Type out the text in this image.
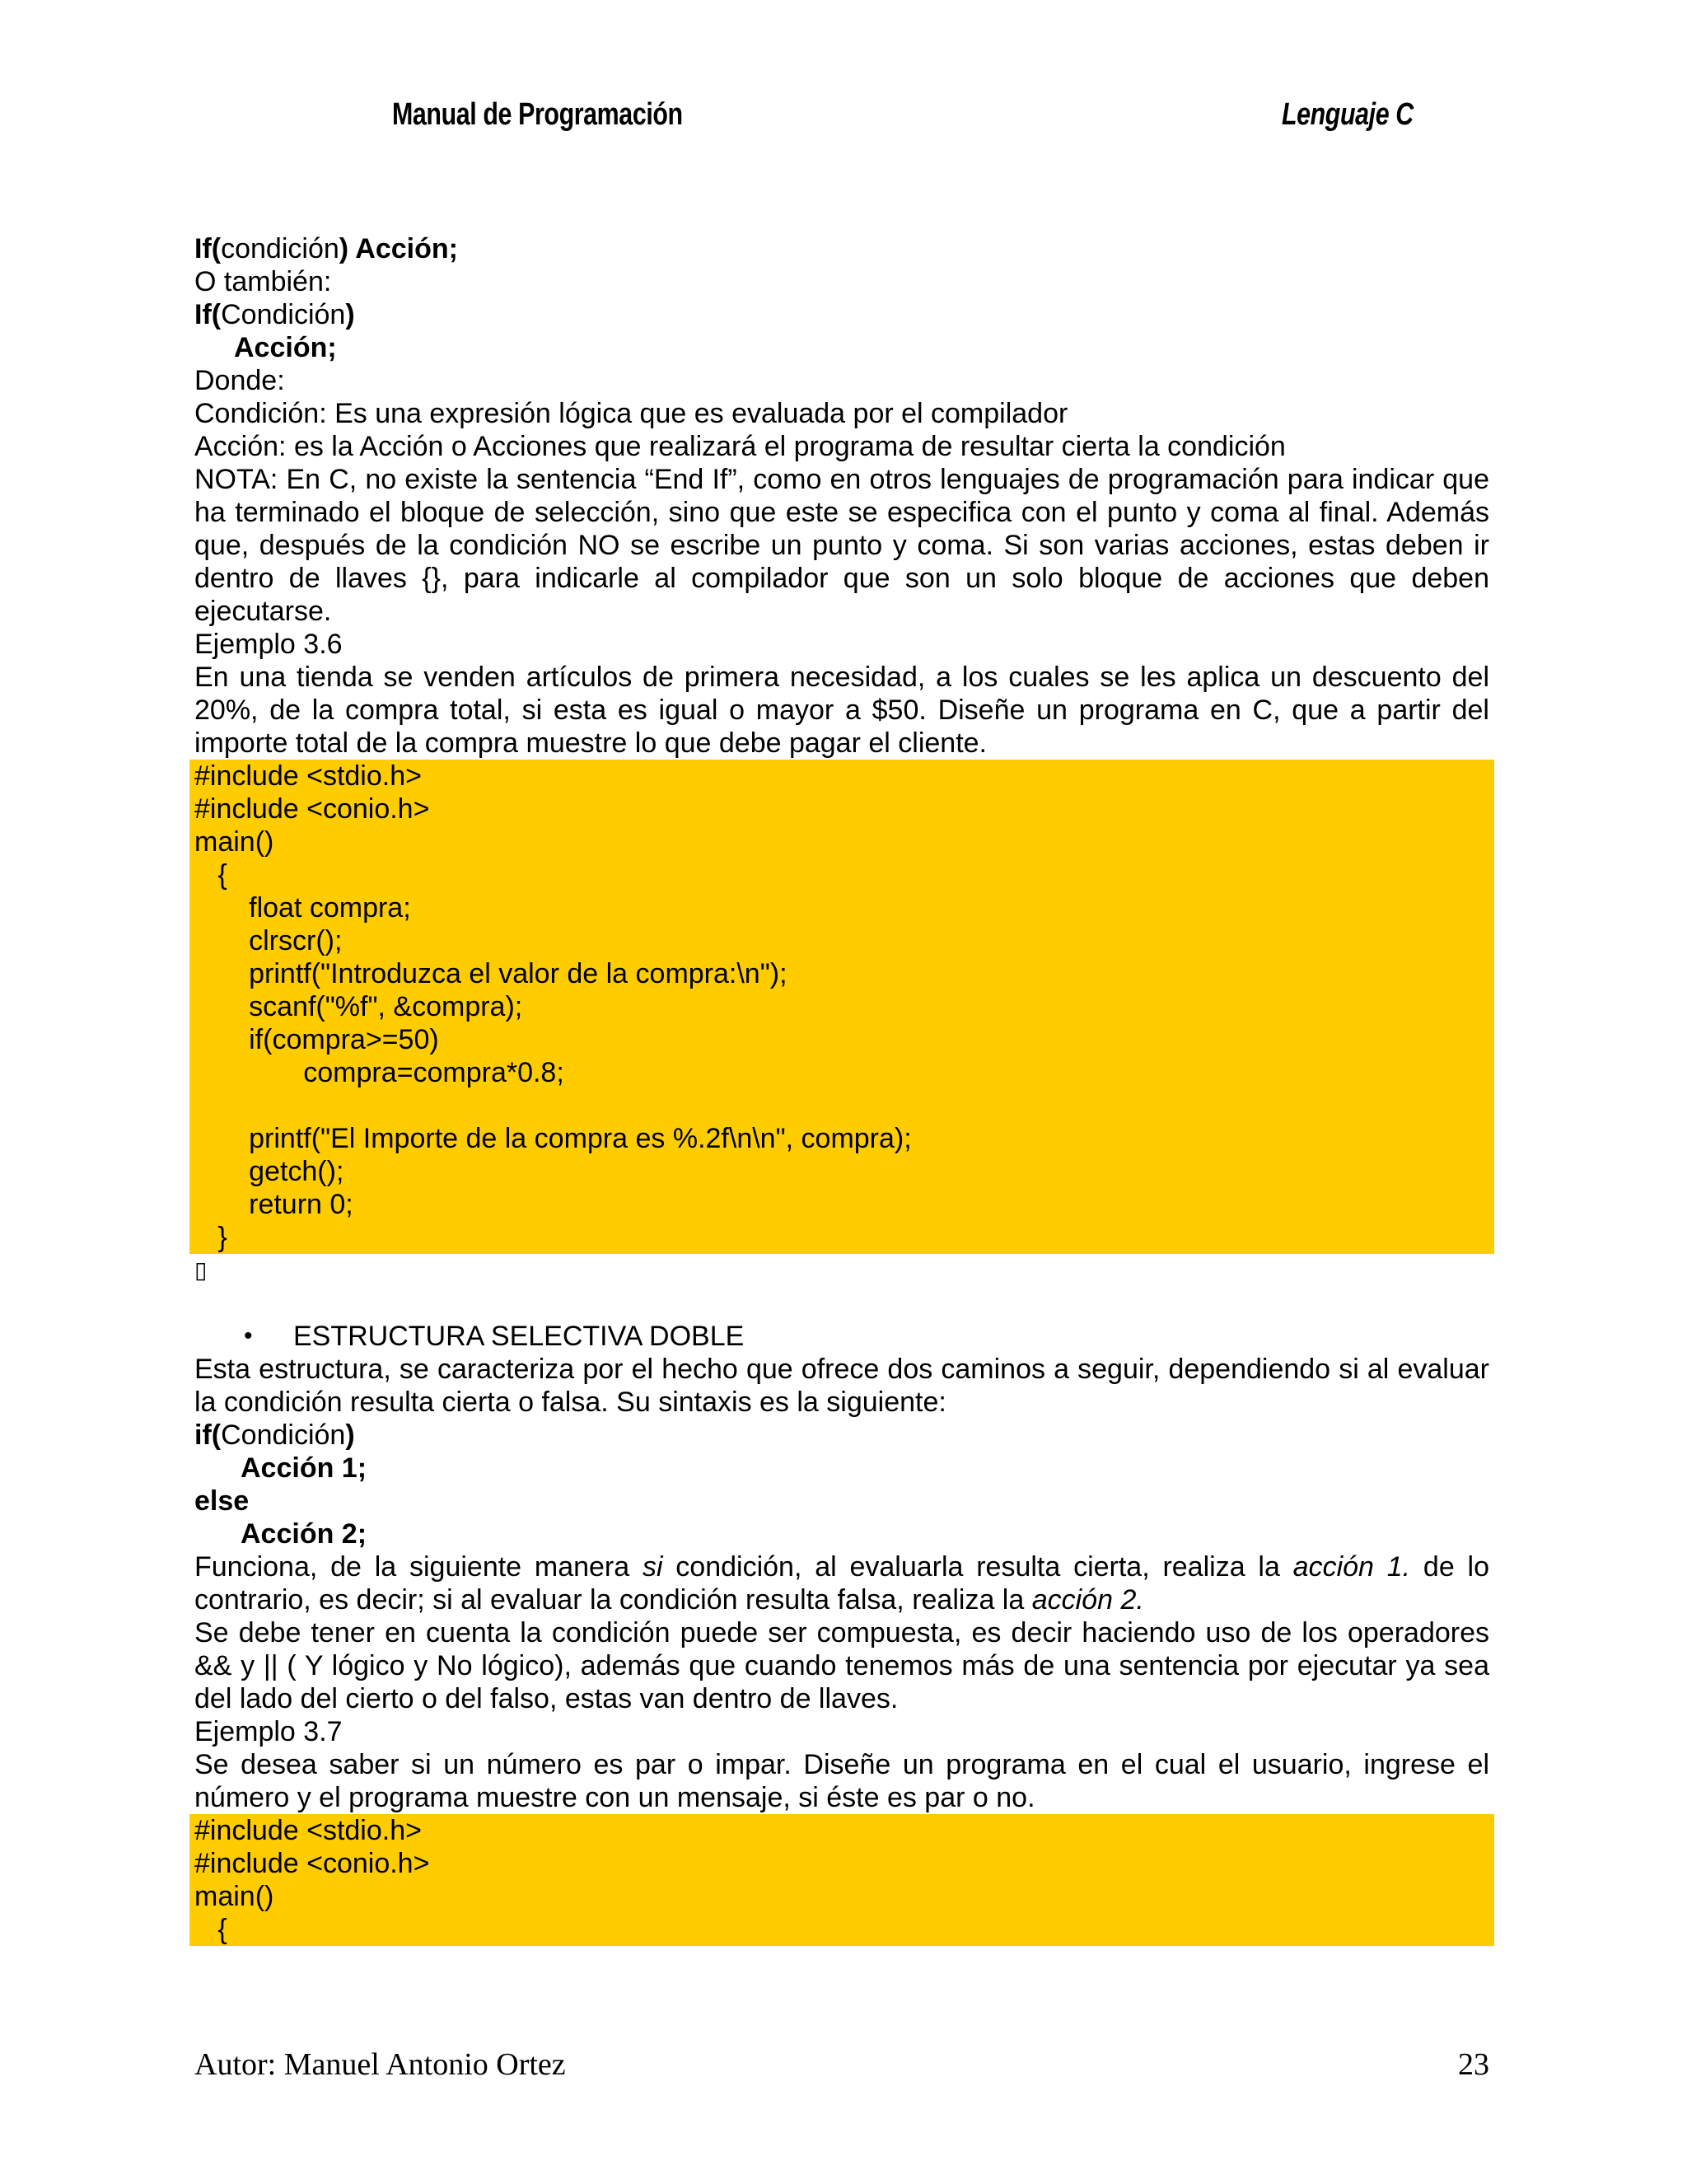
Manual de Programación	Lenguaje C
If(condición) Acción;
O también:
If(Condición)
Acción;
Donde:
Condición: Es una expresión lógica que es evaluada por el compilador
Acción: es la Acción o Acciones que realizará el programa de resultar cierta la condición
NOTA: En C, no existe la sentencia “End If”, como en otros lenguajes de programación para indicar que ha terminado el bloque de selección, sino que este se especifica con el punto y coma al final. Además que, después de la condición NO se escribe un punto y coma. Si son varias acciones, estas deben ir dentro de llaves {}, para indicarle al compilador que son un solo bloque de acciones que deben ejecutarse.
Ejemplo 3.6
En una tienda se venden artículos de primera necesidad, a los cuales se les aplica un descuento del 20%, de la compra total, si esta es igual o mayor a $50. Diseñe un programa en C, que a partir del importe total de la compra muestre lo que debe pagar el cliente.
#include <stdio.h>
#include <conio.h>
main()
{
float compra;
clrscr();
printf("Introduzca el valor de la compra:\n");
scanf("%f", &compra);
if(compra>=50)
compra=compra*0.8;
printf("El Importe de la compra es %.2f\n\n", compra);
getch();
return 0;
}
▯
• ESTRUCTURA SELECTIVA DOBLE
Esta estructura, se caracteriza por el hecho que ofrece dos caminos a seguir, dependiendo si al evaluar la condición resulta cierta o falsa. Su sintaxis es la siguiente:
if(Condición)
Acción 1;
else
Acción 2;
Funciona, de la siguiente manera si condición, al evaluarla resulta cierta, realiza la acción 1. de lo contrario, es decir; si al evaluar la condición resulta falsa, realiza la acción 2.
Se debe tener en cuenta la condición puede ser compuesta, es decir haciendo uso de los operadores && y || ( Y lógico y No lógico), además que cuando tenemos más de una sentencia por ejecutar ya sea del lado del cierto o del falso, estas van dentro de llaves.
Ejemplo 3.7
Se desea saber si un número es par o impar. Diseñe un programa en el cual el usuario, ingrese el número y el programa muestre con un mensaje, si éste es par o no.
#include <stdio.h>
#include <conio.h>
main()
{
Autor: Manuel Antonio Ortez	23
